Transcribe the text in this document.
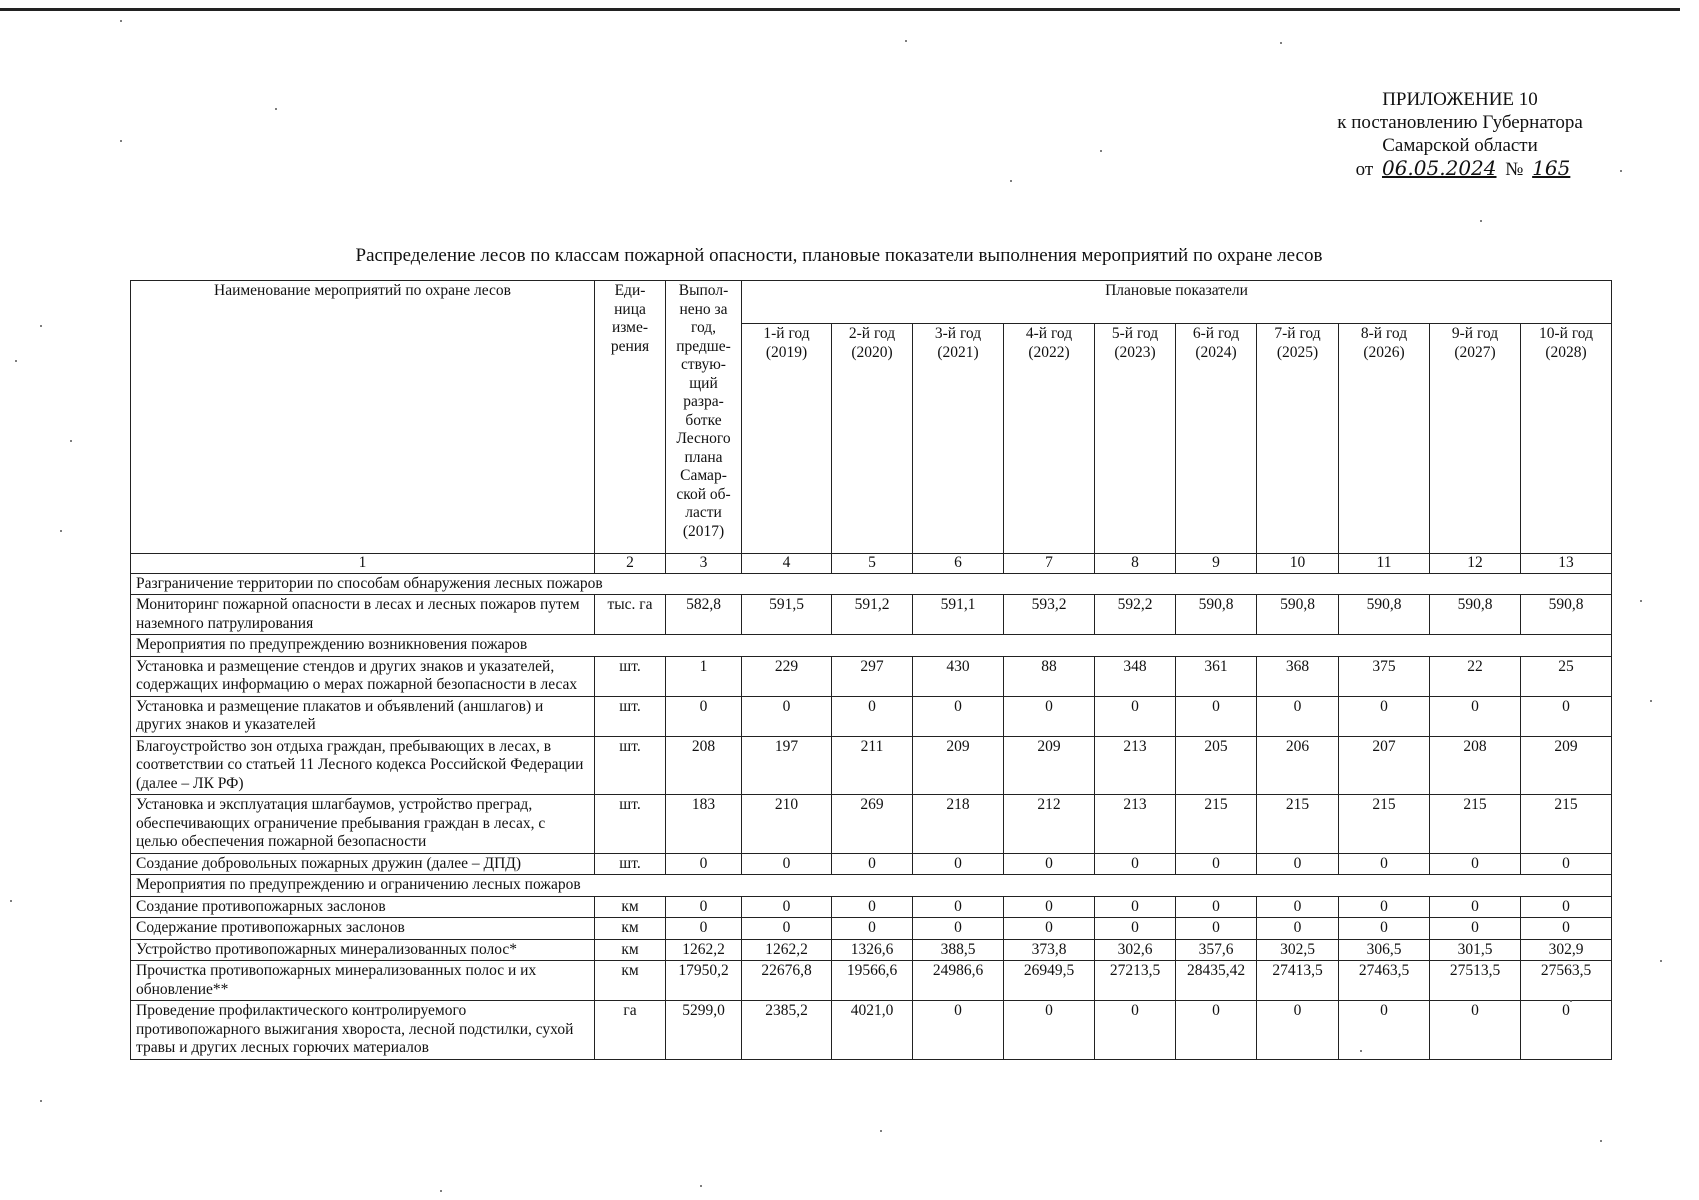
ПРИЛОЖЕНИЕ 10
к постановлению Губернатора
Самарской области
от 06.05.2024 № 165
Распределение лесов по классам пожарной опасности, плановые показатели выполнения мероприятий по охране лесов
Наименование мероприятий по охране лесов	Еди- ница изме- рения	Выпол- нено за год, предше- ствую- щий разра- ботке Лесного плана Самар- ской об- ласти (2017)	Плановые показатели									
			1-й год (2019)	2-й год (2020)	3-й год (2021)	4-й год (2022)	5-й год (2023)	6-й год (2024)	7-й год (2025)	8-й год (2026)	9-й год (2027)	10-й год (2028)
1	2	3	4	5	6	7	8	9	10	11	12	13
Разграничение территории по способам обнаружения лесных пожаров												
Мониторинг пожарной опасности в лесах и лесных пожаров путем наземного патрулирования	тыс. га	582,8	591,5	591,2	591,1	593,2	592,2	590,8	590,8	590,8	590,8	590,8
Мероприятия по предупреждению возникновения пожаров												
Установка и размещение стендов и других знаков и указателей, содержащих информацию о мерах пожарной безопасности в лесах	шт.	1	229	297	430	88	348	361	368	375	22	25
Установка и размещение плакатов и объявлений (аншлагов) и других знаков и указателей	шт.	0	0	0	0	0	0	0	0	0	0	0
Благоустройство зон отдыха граждан, пребывающих в лесах, в соответствии со статьей 11 Лесного кодекса Российской Федерации (далее – ЛК РФ)	шт.	208	197	211	209	209	213	205	206	207	208	209
Установка и эксплуатация шлагбаумов, устройство преград, обеспечивающих ограничение пребывания граждан в лесах, с целью обеспечения пожарной безопасности	шт.	183	210	269	218	212	213	215	215	215	215	215
Создание добровольных пожарных дружин (далее – ДПД)	шт.	0	0	0	0	0	0	0	0	0	0	0
Мероприятия по предупреждению и ограничению лесных пожаров												
Создание противопожарных заслонов	км	0	0	0	0	0	0	0	0	0	0	0
Содержание противопожарных заслонов	км	0	0	0	0	0	0	0	0	0	0	0
Устройство противопожарных минерализованных полос*	км	1262,2	1262,2	1326,6	388,5	373,8	302,6	357,6	302,5	306,5	301,5	302,9
Прочистка противопожарных минерализованных полос и их обновление**	км	17950,2	22676,8	19566,6	24986,6	26949,5	27213,5	28435,42	27413,5	27463,5	27513,5	27563,5
Проведение профилактического контролируемого противопожарного выжигания хвороста, лесной подстилки, сухой травы и других лесных горючих материалов	га	5299,0	2385,2	4021,0	0	0	0	0	0	0	0	0
